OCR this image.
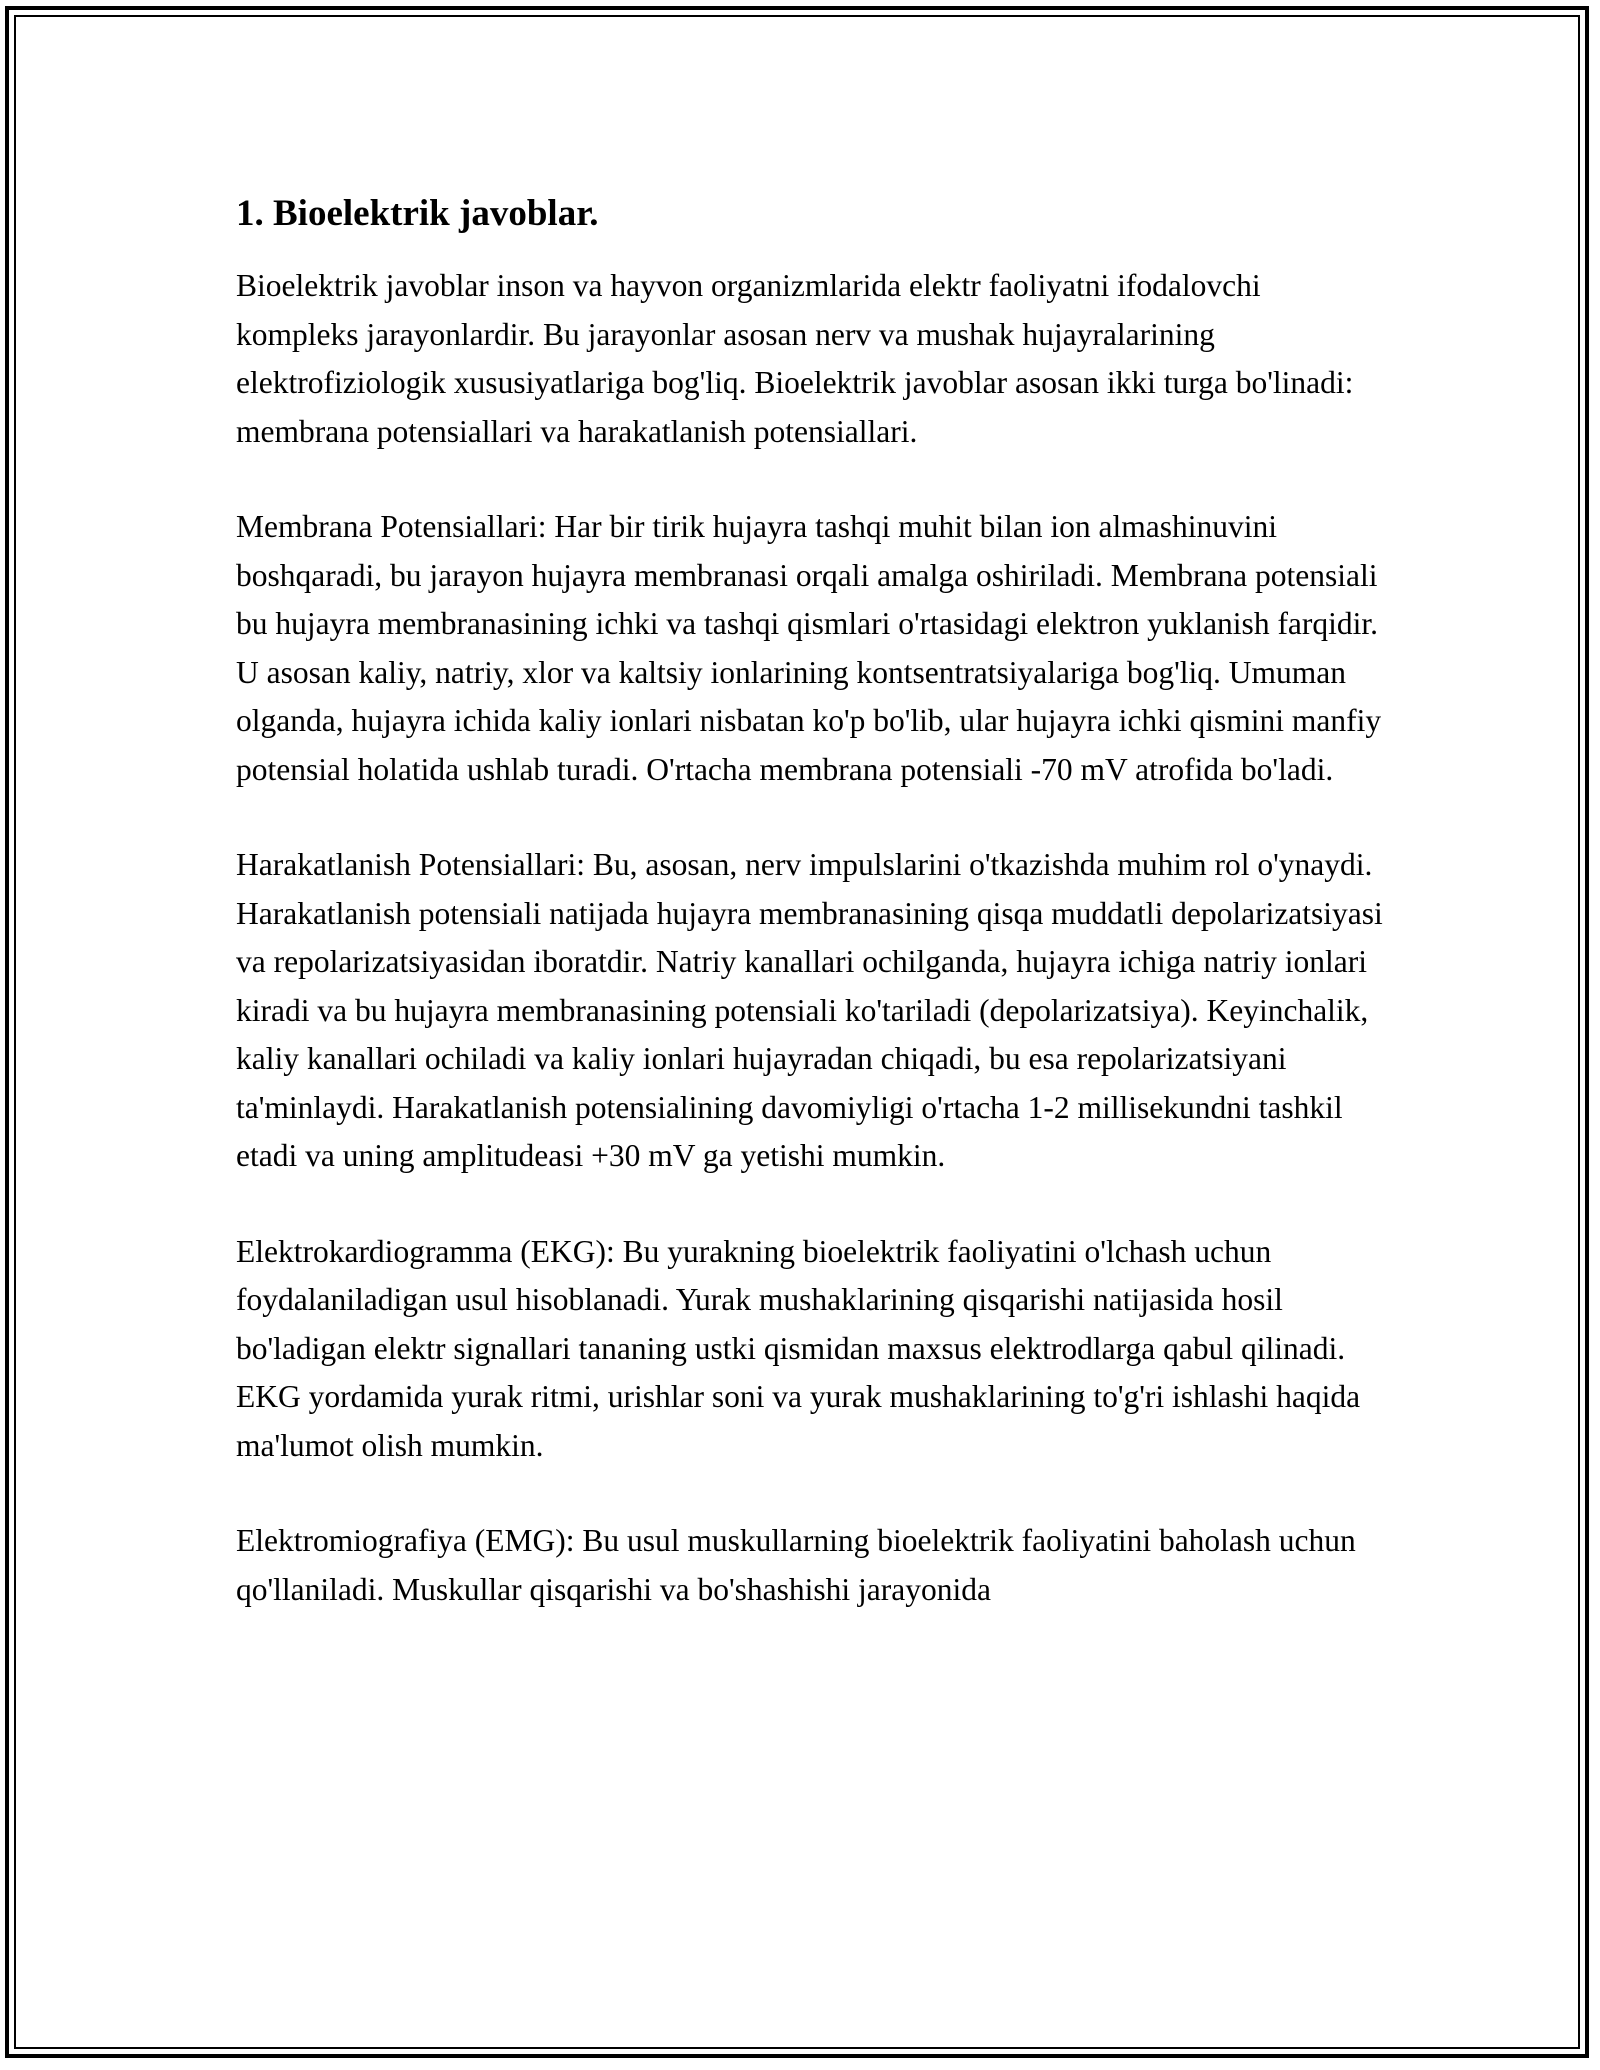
1. Bioelektrik javoblar.

Bioelektrik javoblar inson va hayvon organizmlarida elektr faoliyatni ifodalovchi kompleks jarayonlardir. Bu jarayonlar asosan nerv va mushak hujayralarining elektrofiziologik xususiyatlariga bog'liq. Bioelektrik javoblar asosan ikki turga bo'linadi: membrana potensiallari va harakatlanish potensiallari.

Membrana Potensiallari: Har bir tirik hujayra tashqi muhit bilan ion almashinuvini boshqaradi, bu jarayon hujayra membranasi orqali amalga oshiriladi. Membrana potensiali bu hujayra membranasining ichki va tashqi qismlari o'rtasidagi elektron yuklanish farqidir. U asosan kaliy, natriy, xlor va kaltsiy ionlarining kontsentratsiyalariga bog'liq. Umuman olganda, hujayra ichida kaliy ionlari nisbatan ko'p bo'lib, ular hujayra ichki qismini manfiy potensial holatida ushlab turadi. O'rtacha membrana potensiali -70 mV atrofida bo'ladi.

Harakatlanish Potensiallari: Bu, asosan, nerv impulslarini o'tkazishda muhim rol o'ynaydi. Harakatlanish potensiali natijada hujayra membranasining qisqa muddatli depolarizatsiyasi va repolarizatsiyasidan iboratdir. Natriy kanallari ochilganda, hujayra ichiga natriy ionlari kiradi va bu hujayra membranasining potensiali ko'tariladi (depolarizatsiya). Keyinchalik, kaliy kanallari ochiladi va kaliy ionlari hujayradan chiqadi, bu esa repolarizatsiyani ta'minlaydi. Harakatlanish potensialining davomiyligi o'rtacha 1-2 millisekundni tashkil etadi va uning amplitudeasi +30 mV ga yetishi mumkin.

Elektrokardiogramma (EKG): Bu yurakning bioelektrik faoliyatini o'lchash uchun foydalaniladigan usul hisoblanadi. Yurak mushaklarining qisqarishi natijasida hosil bo'ladigan elektr signallari tananing ustki qismidan maxsus elektrodlarga qabul qilinadi. EKG yordamida yurak ritmi, urishlar soni va yurak mushaklarining to'g'ri ishlashi haqida ma'lumot olish mumkin.

Elektromiografiya (EMG): Bu usul muskullarning bioelektrik faoliyatini baholash uchun qo'llaniladi. Muskullar qisqarishi va bo'shashishi jarayonida
